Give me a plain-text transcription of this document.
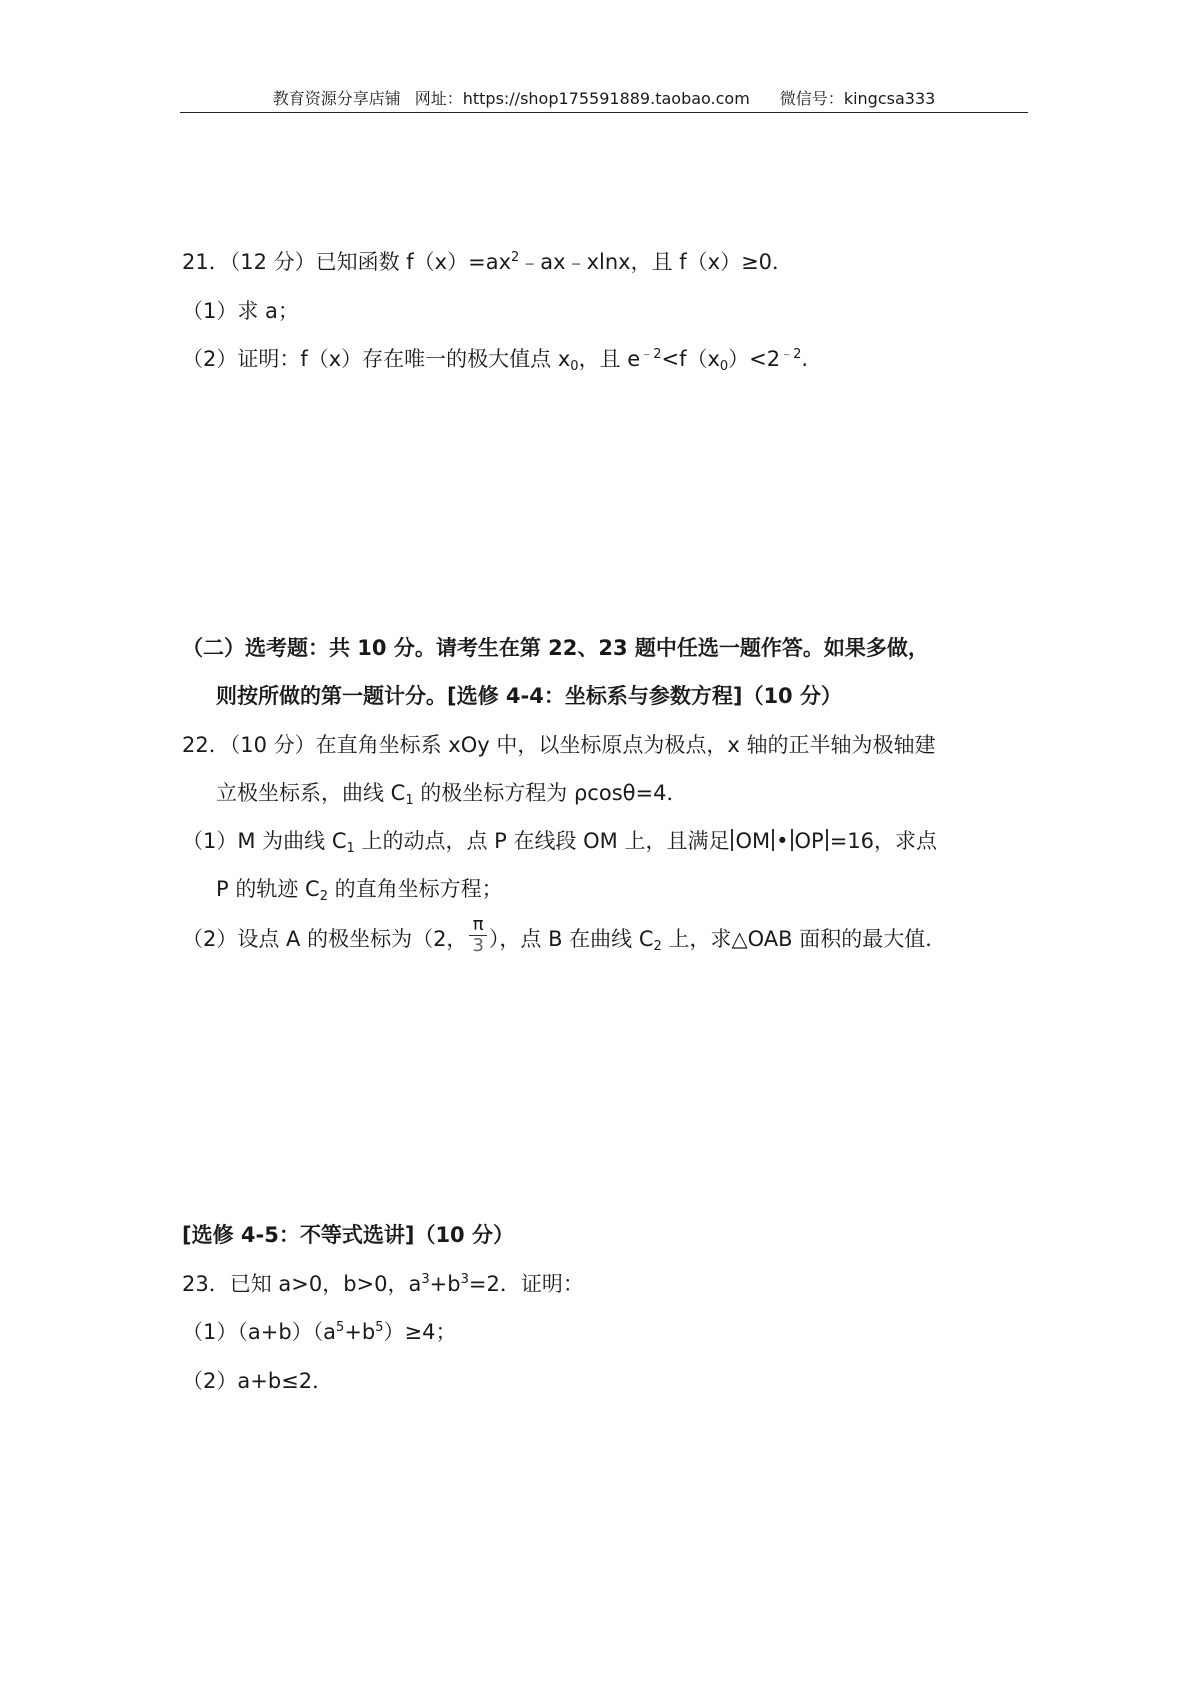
教育资源分享店铺 网址：https://shop175591889.taobao.com 微信号：kingcsa333
21．（12 分）已知函数 $f(x)=ax^2﹣ax﹣xlnx$，且 f（x）≥0．
（1）求 a；
（2）证明：f（x）存在唯一的极大值点 $x_0$，且 $e^{﹣2}<f(x_0)<2^{﹣2}$.
（二）选考题：共 10 分。请考生在第 22、23 题中任选一题作答。如果多做，
则按所做的第一题计分。[选修 4-4：坐标系与参数方程]（10 分）
22．（10 分）在直角坐标系 xOy 中，以坐标原点为极点，x 轴的正半轴为极轴建
立极坐标系，曲线 $C_1$ 的极坐标方程为 ρcosθ=4．
（1）M 为曲线 $C_1$ 上的动点，点 P 在线段 OM 上，且满足 OM • OP =16，求点
P 的轨迹 $C_2$ 的直角坐标方程；
（2）设点 A 的极坐标为（2， $\frac{\pi}{3}$ ），点 B 在曲线 $C_2$ 上，求△OAB 面积的最大值．
[选修 4-5：不等式选讲]（10 分）
23．已知 a>0，b>0，$a^3+b^3=2$．证明：
$(1)(a+b)(a^5+b^5)\ge 4$；
（2）a+b≤2．
